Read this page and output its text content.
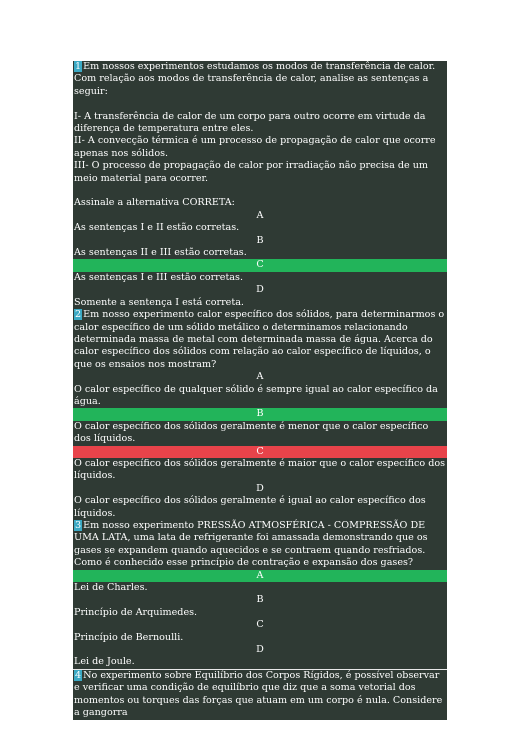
1 Em nossos experimentos estudamos os modos de transferência de calor. Com relação aos modos de transferência de calor, analise as sentenças a seguir:

I- A transferência de calor de um corpo para outro ocorre em virtude da diferença de temperatura entre eles.

II- A convecção térmica é um processo de propagação de calor que ocorre apenas nos sólidos.

III- O processo de propagação de calor por irradiação não precisa de um meio material para ocorrer.

Assinale a alternativa CORRETA:

A
As sentenças I e II estão corretas.
B
As sentenças II e III estão corretas.
C
As sentenças I e III estão corretas.
D
Somente a sentença I está correta.

2 Em nosso experimento calor específico dos sólidos, para determinarmos o calor específico de um sólido metálico o determinamos relacionando determinada massa de metal com determinada massa de água. Acerca do calor específico dos sólidos com relação ao calor específico de líquidos, o que os ensaios nos mostram?

A
O calor específico de qualquer sólido é sempre igual ao calor específico da água.
B
O calor específico dos sólidos geralmente é menor que o calor específico dos líquidos.
C
O calor específico dos sólidos geralmente é maior que o calor específico dos líquidos.
D
O calor específico dos sólidos geralmente é igual ao calor específico dos líquidos.

3 Em nosso experimento PRESSÃO ATMOSFÉRICA - COMPRESSÃO DE UMA LATA, uma lata de refrigerante foi amassada demonstrando que os gases se expandem quando aquecidos e se contraem quando resfriados. Como é conhecido esse princípio de contração e expansão dos gases?

A
Lei de Charles.
B
Princípio de Arquimedes.
C
Princípio de Bernoulli.
D
Lei de Joule.

4 No experimento sobre Equilíbrio dos Corpos Rígidos, é possível observar e verificar uma condição de equilíbrio que diz que a soma vetorial dos momentos ou torques das forças que atuam em um corpo é nula. Considere a gangorra
